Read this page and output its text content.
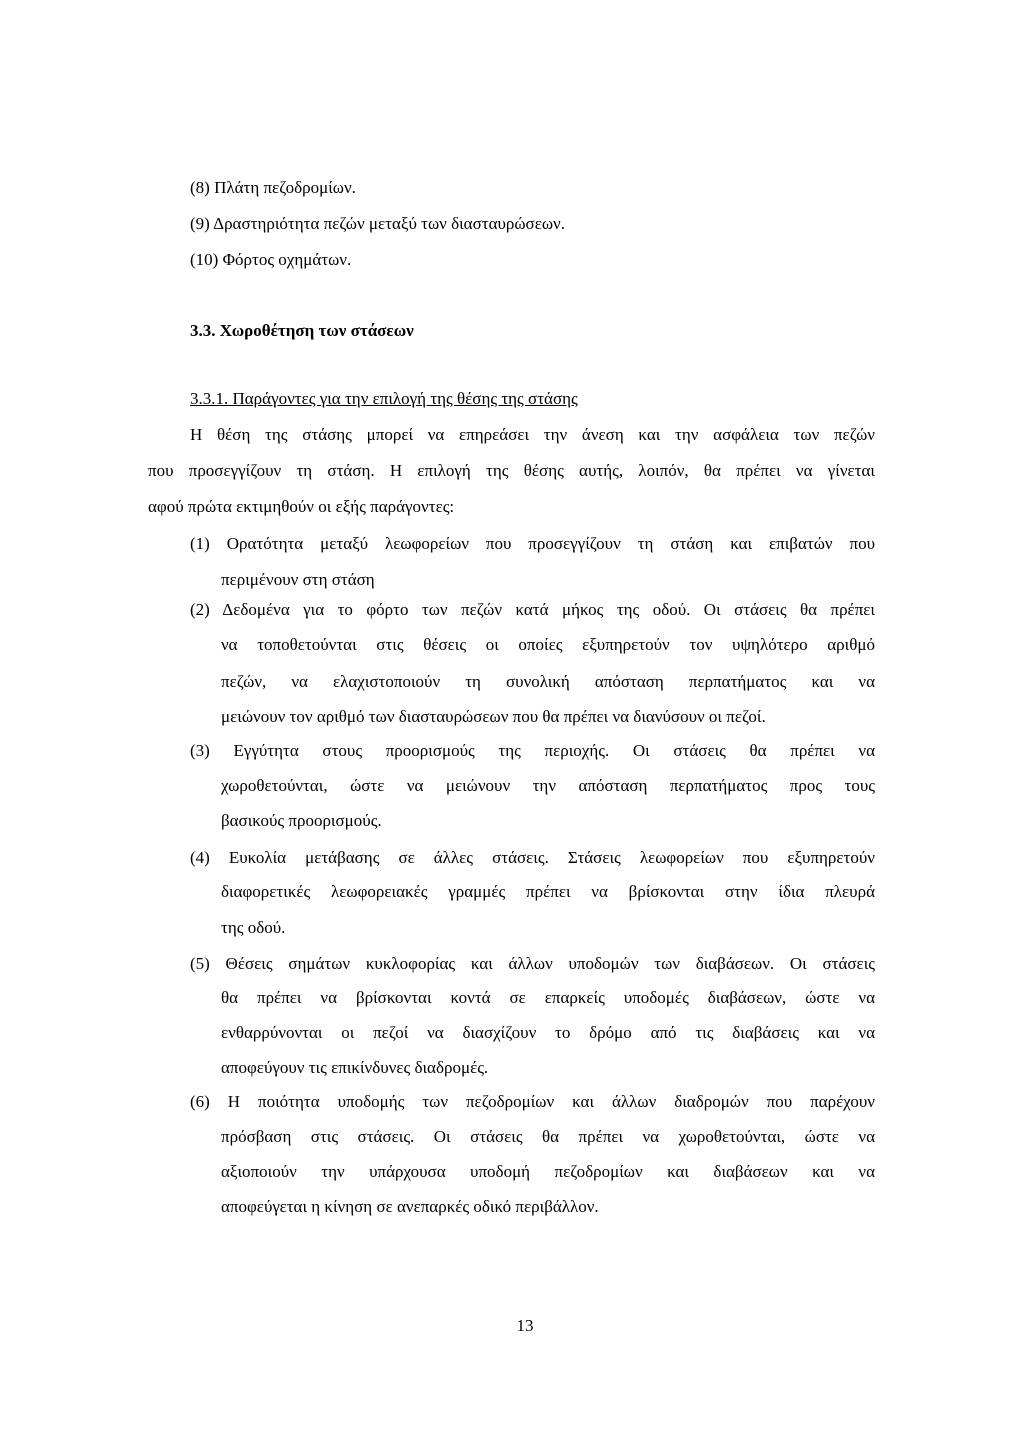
(8) Πλάτη πεζοδρομίων.
(9) Δραστηριότητα πεζών μεταξύ των διασταυρώσεων.
(10) Φόρτος οχημάτων.
3.3. Χωροθέτηση των στάσεων
3.3.1. Παράγοντες για την επιλογή της θέσης της στάσης
Η θέση της στάσης μπορεί να επηρεάσει την άνεση και την ασφάλεια των πεζών
που προσεγγίζουν τη στάση. Η επιλογή της θέσης αυτής, λοιπόν, θα πρέπει να γίνεται
αφού πρώτα εκτιμηθούν οι εξής παράγοντες:
(1) Ορατότητα μεταξύ λεωφορείων που προσεγγίζουν τη στάση και επιβατών που
περιμένουν στη στάση
(2) Δεδομένα για το φόρτο των πεζών κατά μήκος της οδού. Οι στάσεις θα πρέπει
να τοποθετούνται στις θέσεις οι οποίες εξυπηρετούν τον υψηλότερο αριθμό
πεζών, να ελαχιστοποιούν τη συνολική απόσταση περπατήματος και να
μειώνουν τον αριθμό των διασταυρώσεων που θα πρέπει να διανύσουν οι πεζοί.
(3) Εγγύτητα στους προορισμούς της περιοχής. Οι στάσεις θα πρέπει να
χωροθετούνται, ώστε να μειώνουν την απόσταση περπατήματος προς τους
βασικούς προορισμούς.
(4) Ευκολία μετάβασης σε άλλες στάσεις. Στάσεις λεωφορείων που εξυπηρετούν
διαφορετικές λεωφορειακές γραμμές πρέπει να βρίσκονται στην ίδια πλευρά
της οδού.
(5) Θέσεις σημάτων κυκλοφορίας και άλλων υποδομών των διαβάσεων. Οι στάσεις
θα πρέπει να βρίσκονται κοντά σε επαρκείς υποδομές διαβάσεων, ώστε να
ενθαρρύνονται οι πεζοί να διασχίζουν το δρόμο από τις διαβάσεις και να
αποφεύγουν τις επικίνδυνες διαδρομές.
(6) Η ποιότητα υποδομής των πεζοδρομίων και άλλων διαδρομών που παρέχουν
πρόσβαση στις στάσεις. Οι στάσεις θα πρέπει να χωροθετούνται, ώστε να
αξιοποιούν την υπάρχουσα υποδομή πεζοδρομίων και διαβάσεων και να
αποφεύγεται η κίνηση σε ανεπαρκές οδικό περιβάλλον.
13
